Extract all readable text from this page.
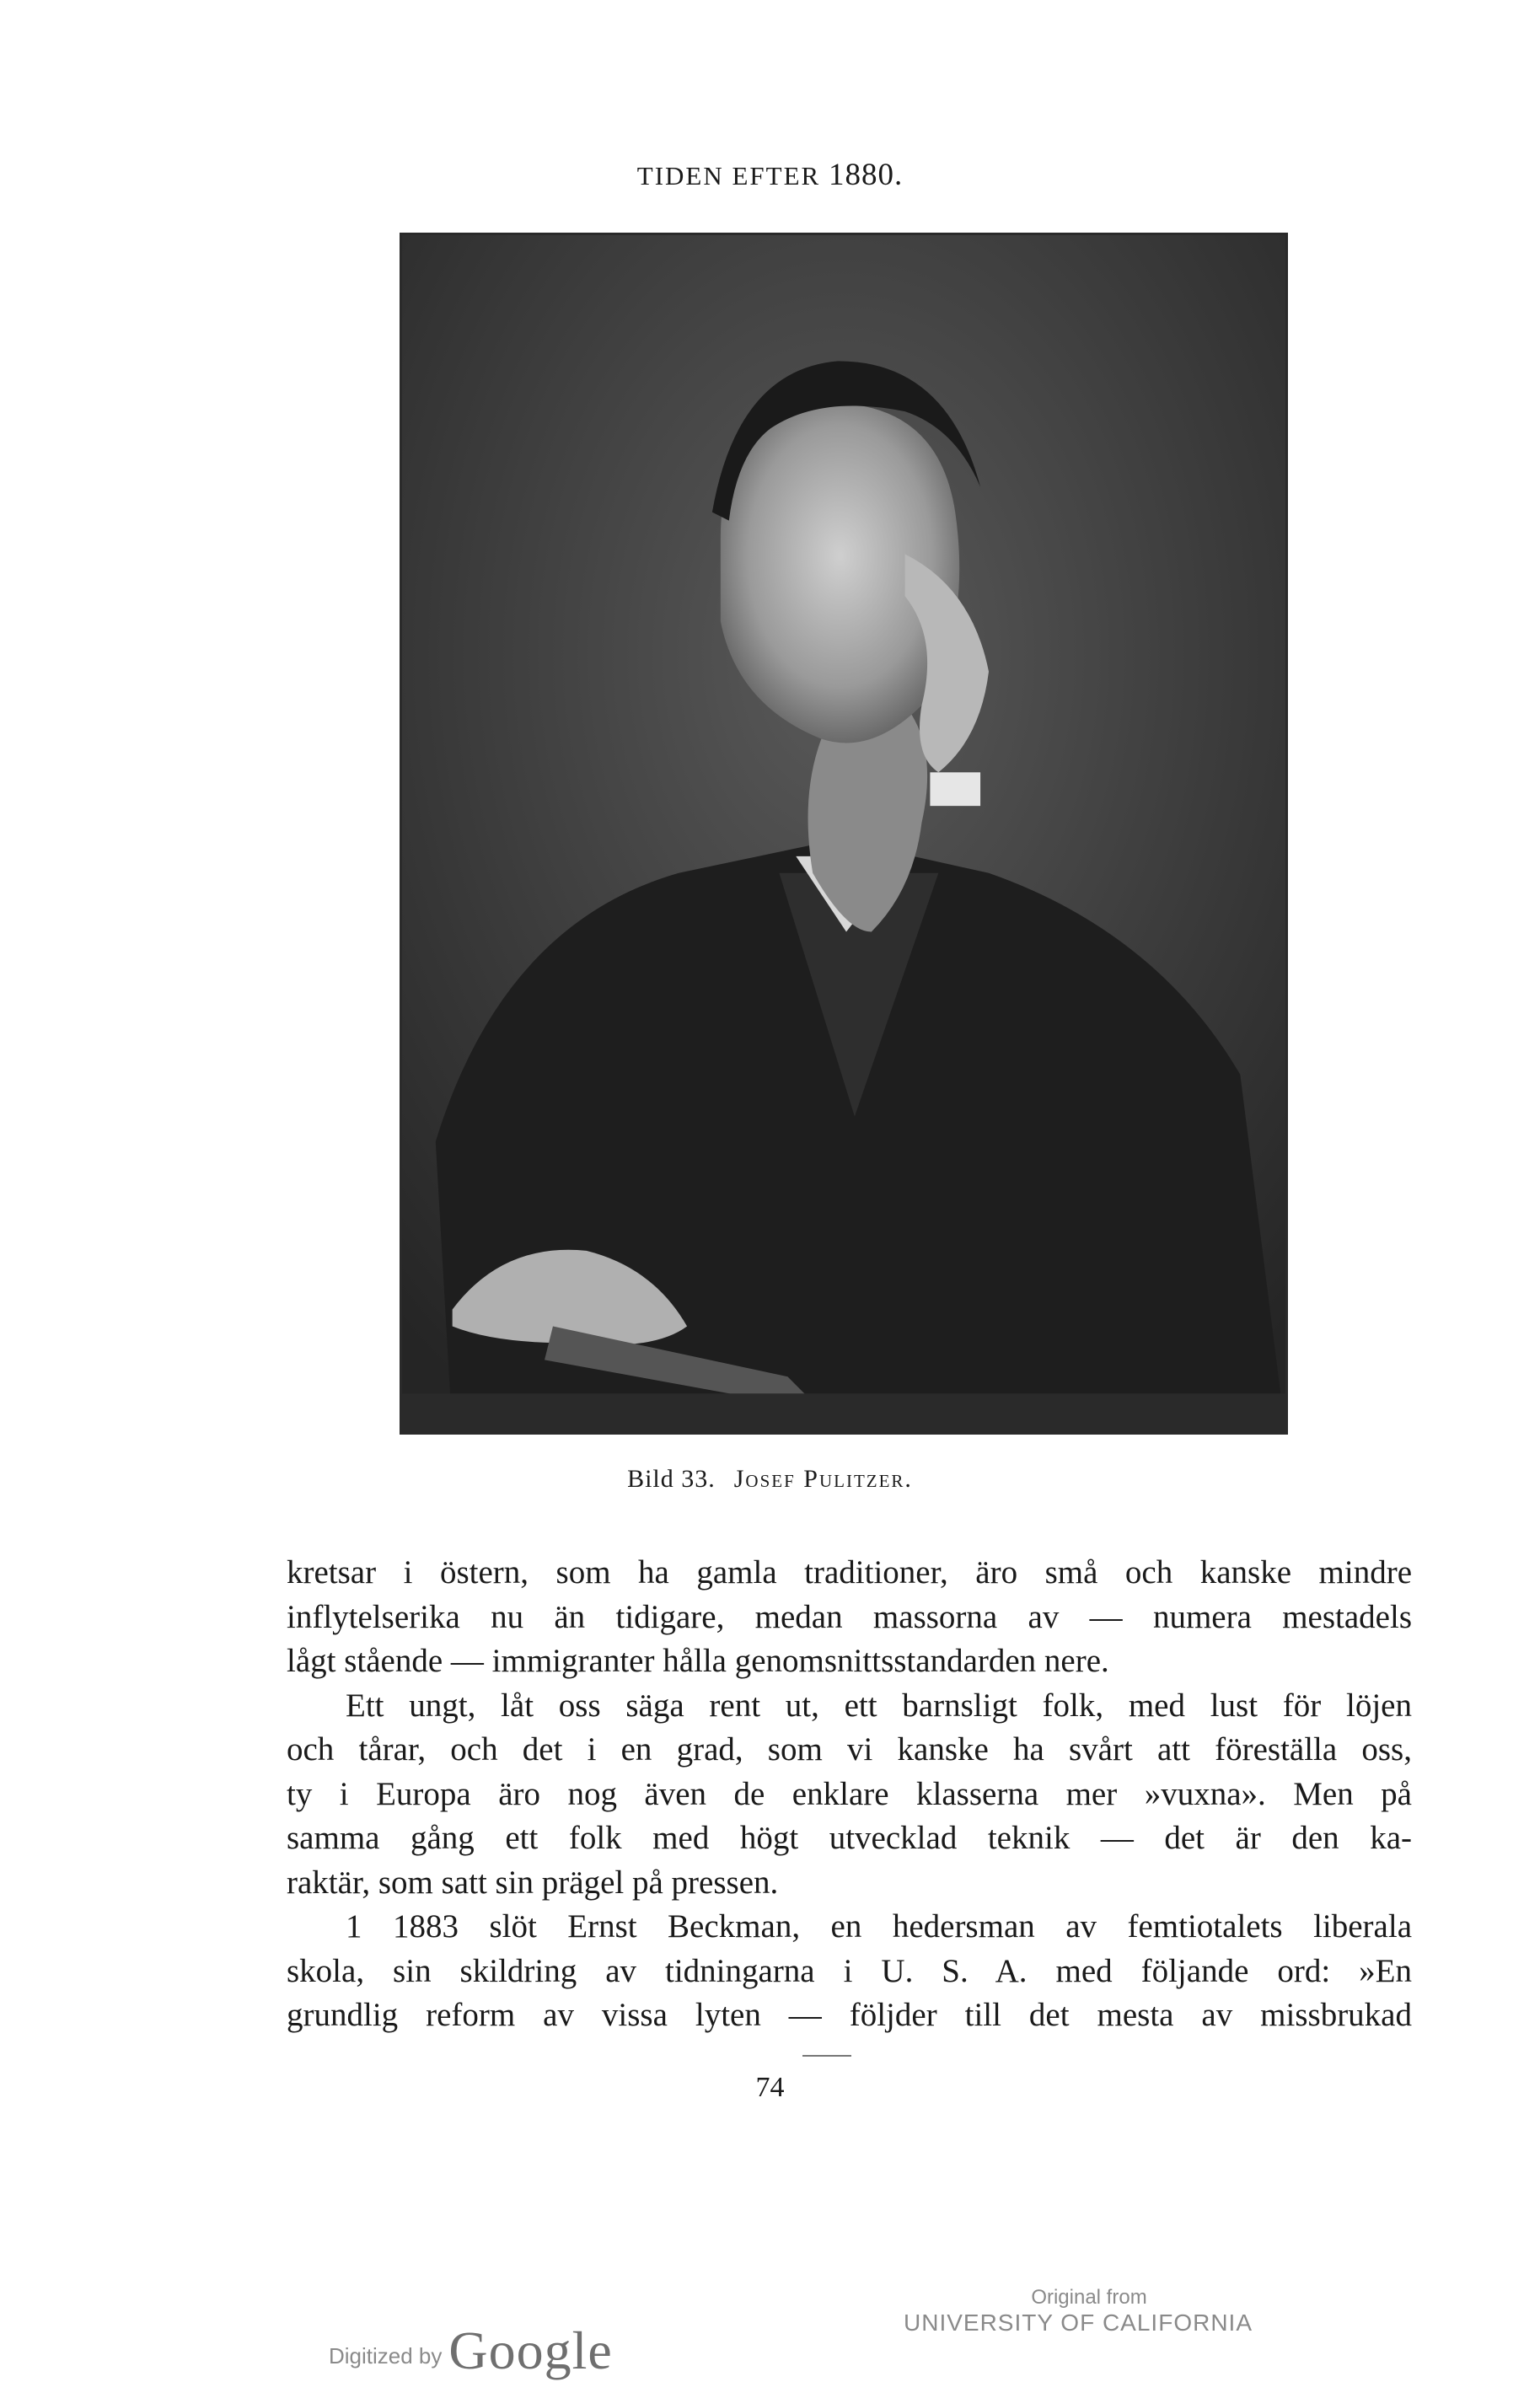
TIDEN EFTER 1880.
Bild 33. Josef Pulitzer.
kretsar i östern, som ha gamla traditioner, äro små och kanske mindre
inflytelserika nu än tidigare, medan massorna av — numera mestadels
lågt stående — immigranter hålla genomsnittsstandarden nere.
Ett ungt, låt oss säga rent ut, ett barnsligt folk, med lust för löjen
och tårar, och det i en grad, som vi kanske ha svårt att föreställa oss,
ty i Europa äro nog även de enklare klasserna mer »vuxna». Men på
samma gång ett folk med högt utvecklad teknik — det är den ka-
raktär, som satt sin prägel på pressen.
1 1883 slöt Ernst Beckman, en hedersman av femtiotalets liberala
skola, sin skildring av tidningarna i U. S. A. med följande ord: »En
grundlig reform av vissa lyten — följder till det mesta av missbrukad
74
Digitized by Google
Original from
UNIVERSITY OF CALIFORNIA
